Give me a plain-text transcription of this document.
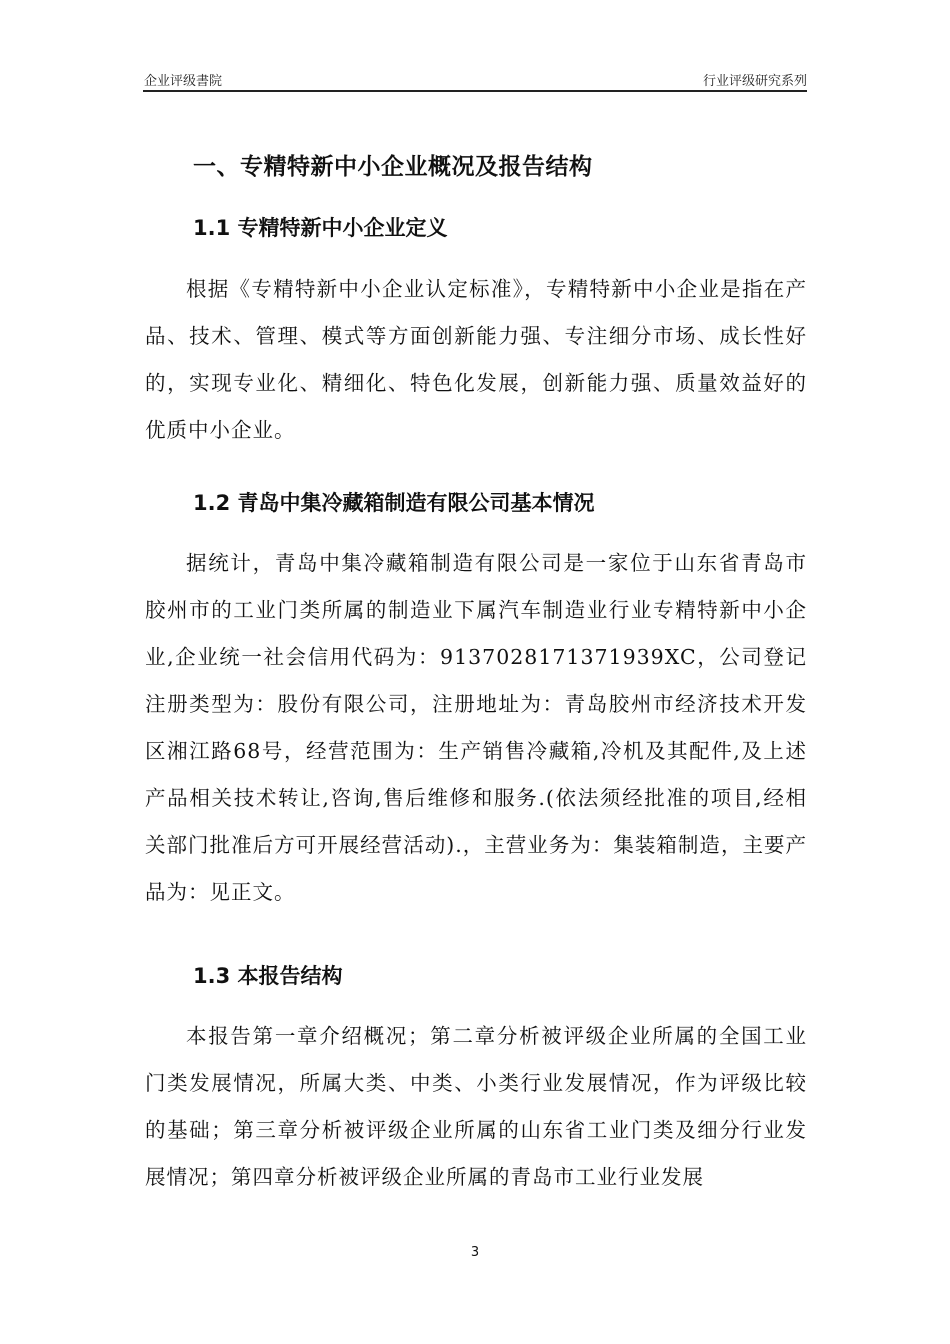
企业评级書院	行业评级研究系列
一、专精特新中小企业概况及报告结构
1.1 专精特新中小企业定义
根据《专精特新中小企业认定标准》，专精特新中小企业是指在产品、技术、管理、模式等方面创新能力强、专注细分市场、成长性好的，实现专业化、精细化、特色化发展，创新能力强、质量效益好的优质中小企业。
1.2 青岛中集冷藏箱制造有限公司基本情况
据统计，青岛中集冷藏箱制造有限公司是一家位于山东省青岛市胶州市的工业门类所属的制造业下属汽车制造业行业专精特新中小企业,企业统一社会信用代码为：9137028171371939XC，公司登记注册类型为：股份有限公司，注册地址为：青岛胶州市经济技术开发区湘江路68号，经营范围为：生产销售冷藏箱,冷机及其配件,及上述产品相关技术转让,咨询,售后维修和服务.(依法须经批准的项目,经相关部门批准后方可开展经营活动).，主营业务为：集装箱制造，主要产品为：见正文。
1.3 本报告结构
本报告第一章介绍概况；第二章分析被评级企业所属的全国工业门类发展情况，所属大类、中类、小类行业发展情况，作为评级比较的基础；第三章分析被评级企业所属的山东省工业门类及细分行业发展情况；第四章分析被评级企业所属的青岛市工业行业发展
3
